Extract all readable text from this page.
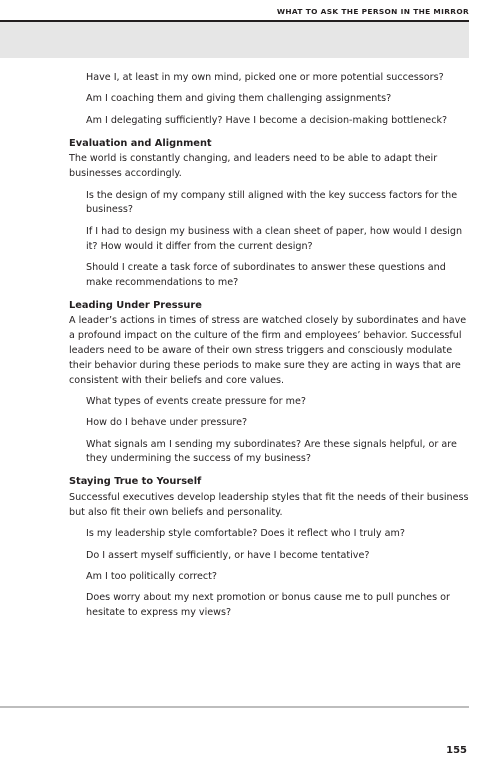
WHAT TO ASK THE PERSON IN THE MIRROR
Have I, at least in my own mind, picked one or more potential successors?
Am I coaching them and giving them challenging assignments?
Am I delegating sufficiently? Have I become a decision-making bottleneck?
Evaluation and Alignment
The world is constantly changing, and leaders need to be able to adapt their businesses accordingly.
Is the design of my company still aligned with the key success factors for the business?
If I had to design my business with a clean sheet of paper, how would I design it? How would it differ from the current design?
Should I create a task force of subordinates to answer these questions and make recommendations to me?
Leading Under Pressure
A leader’s actions in times of stress are watched closely by subordinates and have a profound impact on the culture of the firm and employees’ behavior. Successful leaders need to be aware of their own stress triggers and consciously modulate their behavior during these periods to make sure they are acting in ways that are consistent with their beliefs and core values.
What types of events create pressure for me?
How do I behave under pressure?
What signals am I sending my subordinates? Are these signals helpful, or are they undermining the success of my business?
Staying True to Yourself
Successful executives develop leadership styles that fit the needs of their business but also fit their own beliefs and personality.
Is my leadership style comfortable? Does it reflect who I truly am?
Do I assert myself sufficiently, or have I become tentative?
Am I too politically correct?
Does worry about my next promotion or bonus cause me to pull punches or hesitate to express my views?
155
